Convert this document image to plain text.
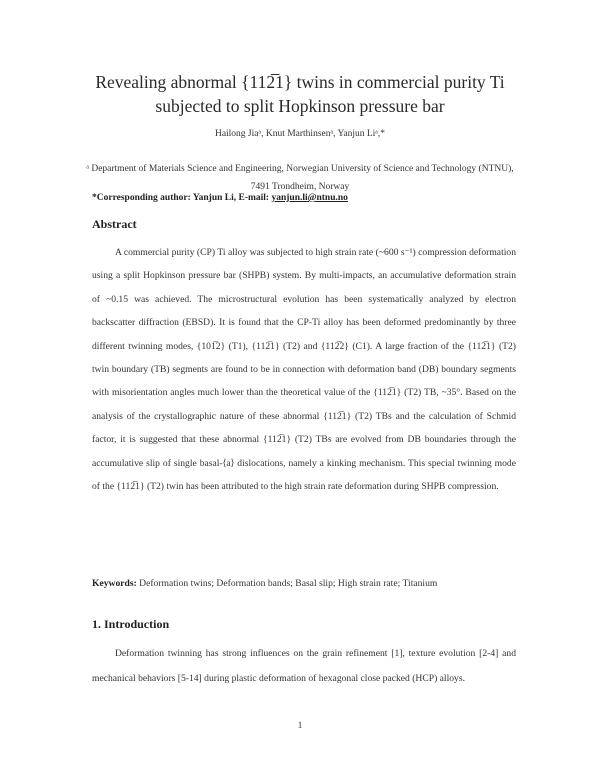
Revealing abnormal {112̅1} twins in commercial purity Ti
subjected to split Hopkinson pressure bar
Hailong Jiaᵃ, Knut Marthinsenᵃ, Yanjun Liᵃ,*
ᵃ Department of Materials Science and Engineering, Norwegian University of Science and Technology (NTNU),
7491 Trondheim, Norway
*Corresponding author: Yanjun Li, E-mail: yanjun.li@ntnu.no
Abstract
A commercial purity (CP) Ti alloy was subjected to high strain rate (~600 s⁻¹) compression deformation using a split Hopkinson pressure bar (SHPB) system. By multi-impacts, an accumulative deformation strain of ~0.15 was achieved. The microstructural evolution has been systematically analyzed by electron backscatter diffraction (EBSD). It is found that the CP-Ti alloy has been deformed predominantly by three different twinning modes, {101̅2} (T1), {112̅1} (T2) and {112̅2} (C1). A large fraction of the {112̅1} (T2) twin boundary (TB) segments are found to be in connection with deformation band (DB) boundary segments with misorientation angles much lower than the theoretical value of the {112̅1} (T2) TB, ~35°. Based on the analysis of the crystallographic nature of these abnormal {112̅1} (T2) TBs and the calculation of Schmid factor, it is suggested that these abnormal {112̅1} (T2) TBs are evolved from DB boundaries through the accumulative slip of single basal-⟨a⟩ dislocations, namely a kinking mechanism. This special twinning mode of the {112̅1} (T2) twin has been attributed to the high strain rate deformation during SHPB compression.
Keywords: Deformation twins; Deformation bands; Basal slip; High strain rate; Titanium
1. Introduction
Deformation twinning has strong influences on the grain refinement [1], texture evolution [2-4] and mechanical behaviors [5-14] during plastic deformation of hexagonal close packed (HCP) alloys.
1
